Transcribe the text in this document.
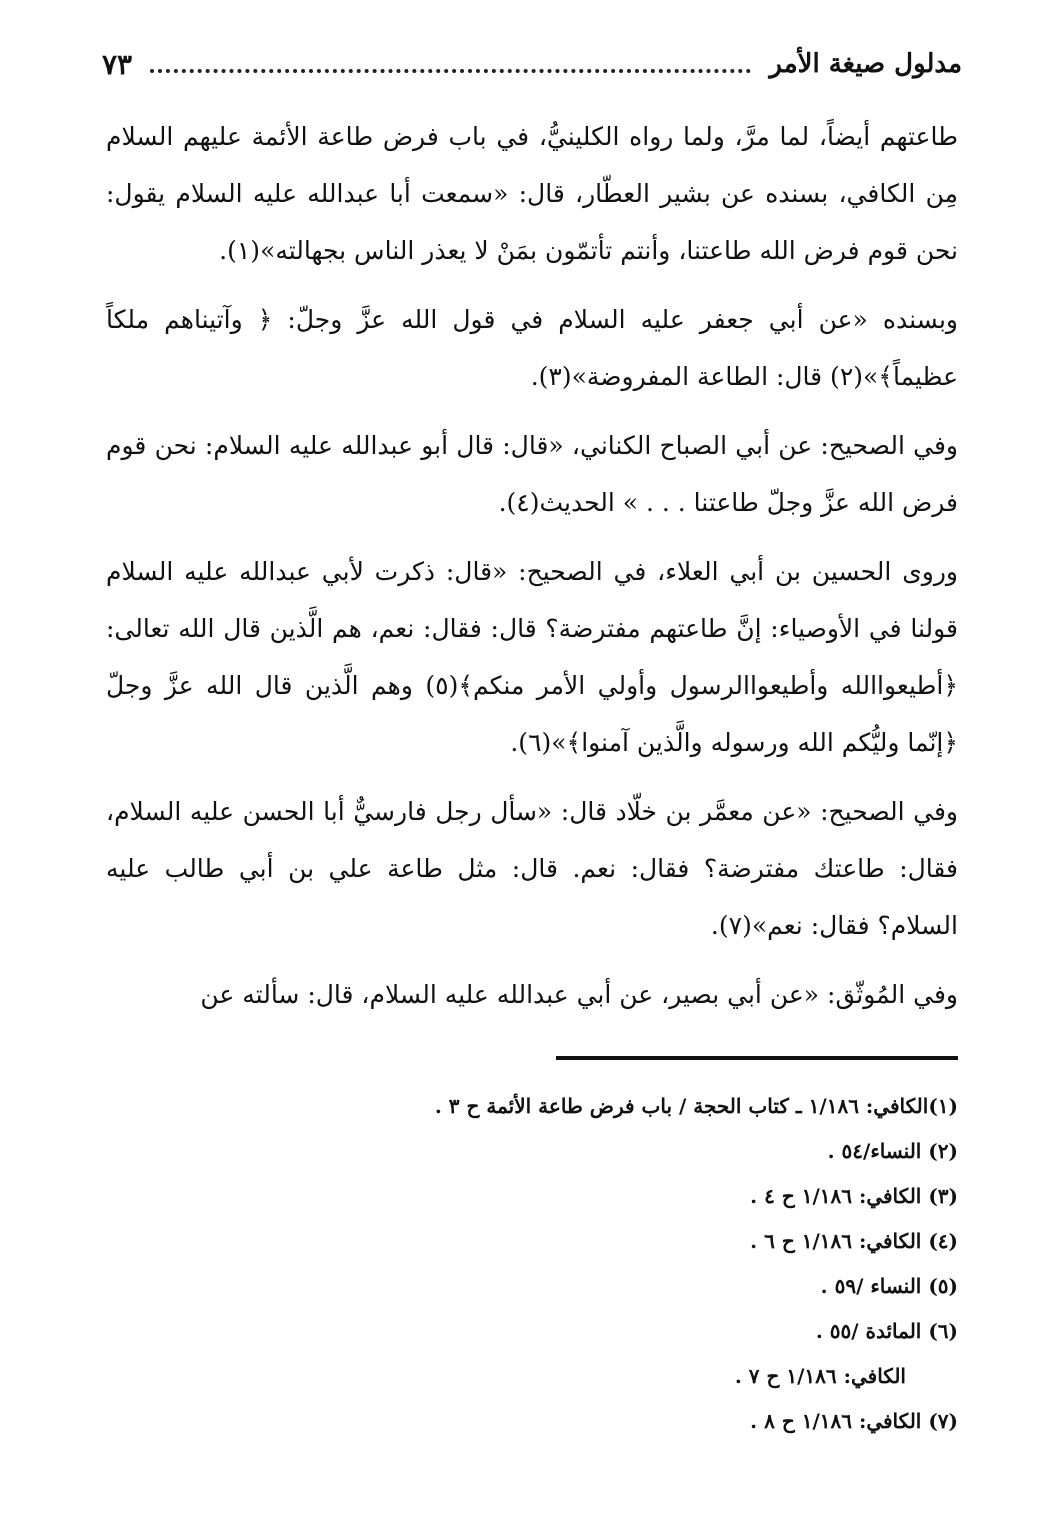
مدلول صيغة الأمر
٧٣

طاعتهم أيضاً، لما مرَّ، ولما رواه الكلينيُّ، في باب فرض طاعة الأئمة عليهم السلام مِن الكافي، بسنده عن بشير العطّار، قال: «سمعت أبا عبدالله عليه السلام يقول: نحن قوم فرض الله طاعتنا، وأنتم تأتمّون بمَنْ لا يعذر الناس بجهالته»(١).

وبسنده «عن أبي جعفر عليه السلام في قول الله عزَّ وجلّ: ﴿ وآتيناهم ملكاً عظيماً﴾»(٢) قال: الطاعة المفروضة»(٣).

وفي الصحيح: عن أبي الصباح الكناني، «قال: قال أبو عبدالله عليه السلام: نحن قوم فرض الله عزَّ وجلّ طاعتنا . . . » الحديث(٤).

وروى الحسين بن أبي العلاء، في الصحيح: «قال: ذكرت لأبي عبدالله عليه السلام قولنا في الأوصياء: إنَّ طاعتهم مفترضة؟ قال: فقال: نعم، هم الَّذين قال الله تعالى: ﴿أطيعواالله وأطيعواالرسول وأولي الأمر منكم﴾(٥) وهم الَّذين قال الله عزَّ وجلّ ﴿إنّما وليُّكم الله ورسوله والَّذين آمنوا﴾»(٦).

وفي الصحيح: «عن معمَّر بن خلّاد قال: «سأل رجل فارسيٌّ أبا الحسن عليه السلام، فقال: طاعتك مفترضة؟ فقال: نعم. قال: مثل طاعة علي بن أبي طالب عليه السلام؟ فقال: نعم»(٧).

وفي المُوثّق: «عن أبي بصير، عن أبي عبدالله عليه السلام، قال: سألته عن

(١)الكافي: ١/١٨٦ ـ كتاب الحجة / باب فرض طاعة الأئمة ح ٣ .
(٢) النساء/٥٤ .
(٣) الكافي: ١/١٨٦ ح ٤ .
(٤) الكافي: ١/١٨٦ ح ٦ .
(٥) النساء /٥٩ .
(٦) المائدة /٥٥ .
الكافي: ١/١٨٦ ح ٧ .
(٧) الكافي: ١/١٨٦ ح ٨ .
